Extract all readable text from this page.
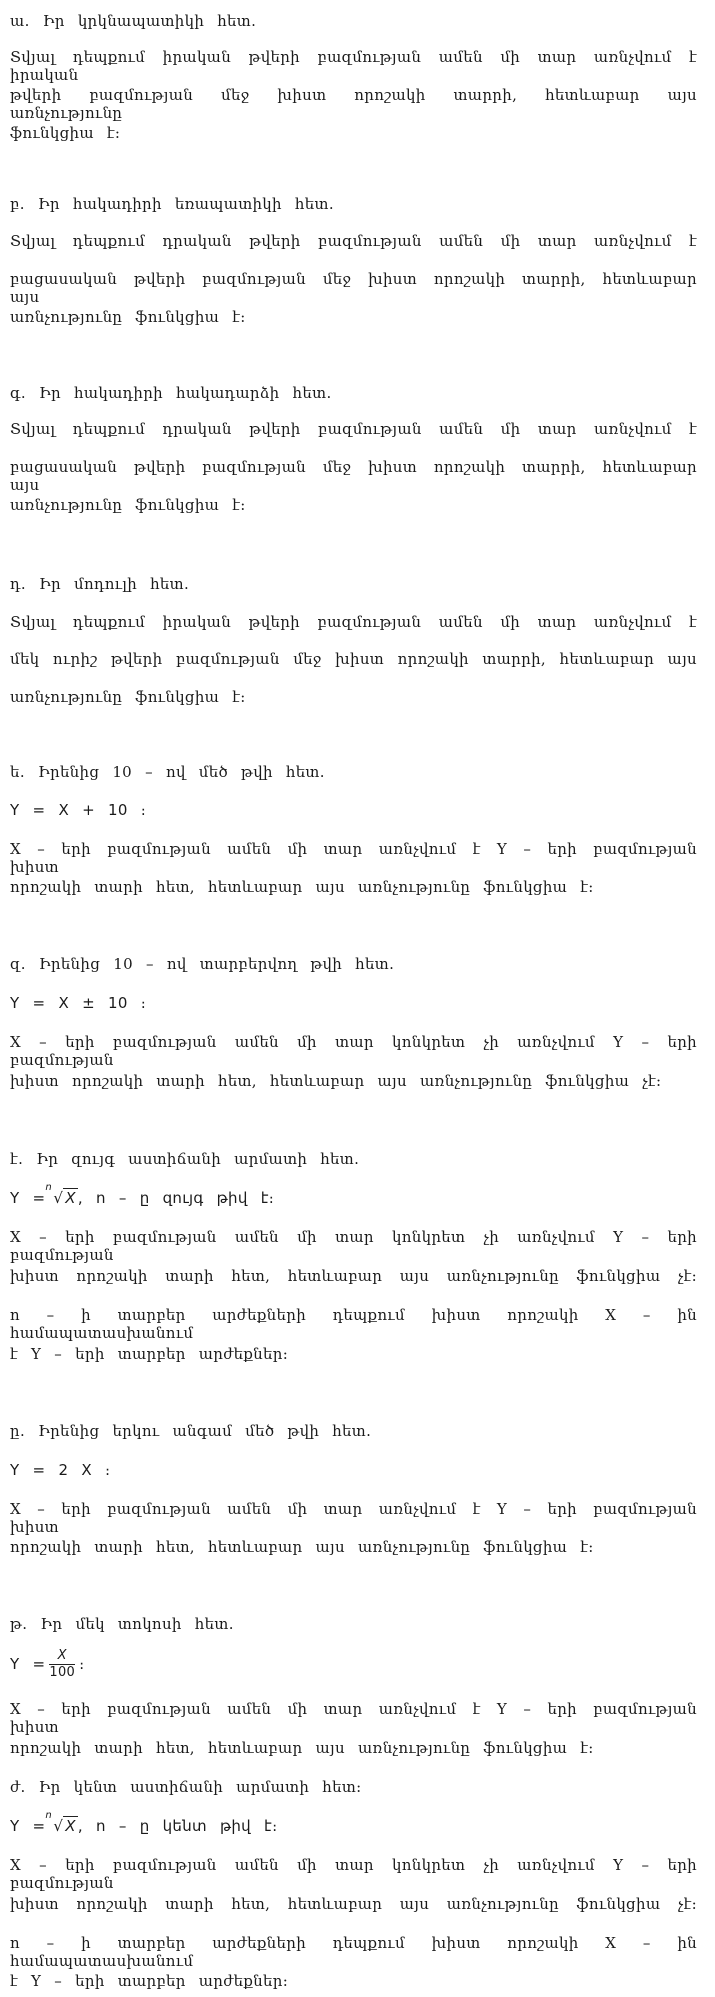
ա․ Իր կրկնապատիկի հետ․
Տվյալ դեպքում իրական թվերի բազմության ամեն մի տար առնչվում է իրական
թվերի բազմության մեջ խիստ որոշակի տարրի, հետևաբար այս առնչությունը
ֆունկցիա է։
բ․ Իր հակադիրի եռապատիկի հետ․
Տվյալ դեպքում դրական թվերի բազմության ամեն մի տար առնչվում է
բացասական թվերի բազմության մեջ խիստ որոշակի տարրի, հետևաբար այս
առնչությունը ֆունկցիա է։
գ․ Իր հակադիրի հակադարձի հետ․
Տվյալ դեպքում դրական թվերի բազմության ամեն մի տար առնչվում է
բացասական թվերի բազմության մեջ խիստ որոշակի տարրի, հետևաբար այս
առնչությունը ֆունկցիա է։
դ․ Իր մոդուլի հետ․
Տվյալ դեպքում իրական թվերի բազմության ամեն մի տար առնչվում է
մեկ ուրիշ թվերի բազմության մեջ խիստ որոշակի տարրի, հետևաբար այս
առնչությունը ֆունկցիա է։
ե․ Իրենից 10 – ով մեծ թվի հետ․
Y = X + 10 ։
X – երի բազմության ամեն մի տար առնչվում է Y – երի բազմության խիստ
որոշակի տարի հետ, հետևաբար այս առնչությունը ֆունկցիա է։
զ․ Իրենից 10 – ով տարբերվող թվի հետ․
Y = X ± 10 ։
X – երի բազմության ամեն մի տար կոնկրետ չի առնչվում Y – երի բազմության
խիստ որոշակի տարի հետ, հետևաբար այս առնչությունը ֆունկցիա չէ։
է․ Իր զույգ աստիճանի արմատի հետ․
Y =
n
√ X , n – ը զույգ թիվ է։
X – երի բազմության ամեն մի տար կոնկրետ չի առնչվում Y – երի բազմության
խիստ որոշակի տարի հետ, հետևաբար այս առնչությունը ֆունկցիա չէ։
n – ի տարբեր արժեքների դեպքում խիստ որոշակի X – ին համապատասխանում
է Y – երի տարբեր արժեքներ։
ը․ Իրենից երկու անգամ մեծ թվի հետ․
Y = 2 X ։
X – երի բազմության ամեն մի տար առնչվում է Y – երի բազմության խիստ
որոշակի տարի հետ, հետևաբար այս առնչությունը ֆունկցիա է։
թ․ Իր մեկ տոկոսի հետ․
$Y = \frac{X}{100}$ ։
X – երի բազմության ամեն մի տար առնչվում է Y – երի բազմության խիստ
որոշակի տարի հետ, հետևաբար այս առնչությունը ֆունկցիա է։
ժ․ Իր կենտ աստիճանի արմատի հետ։
Y =
n
√ X , n – ը կենտ թիվ է։
X – երի բազմության ամեն մի տար կոնկրետ չի առնչվում Y – երի բազմության
խիստ որոշակի տարի հետ, հետևաբար այս առնչությունը ֆունկցիա չէ։
n – ի տարբեր արժեքների դեպքում խիստ որոշակի X – ին համապատասխանում
է Y – երի տարբեր արժեքներ։
